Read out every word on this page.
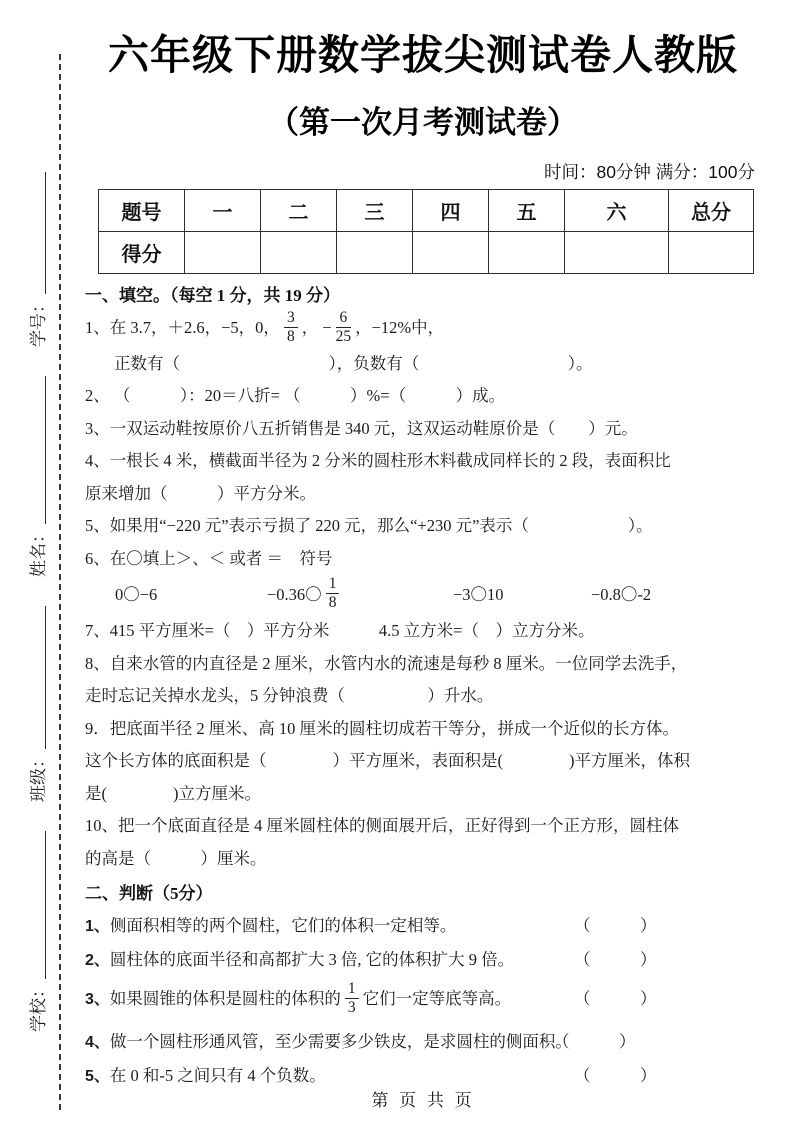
学校：
班级：
姓名：
学号：
六年级下册数学拔尖测试卷人教版
（第一次月考测试卷）
时间：80分钟 满分：100分
题号	一	二	三	四	五	六	总分
得分							
一、填空。（每空 1 分，共 19 分）
1、在 3.7，＋2.6，−5，0， $\frac{3}{8}$ ， − $\frac{6}{25}$ ，−12%中，
正数有（　　　　　　　　　），负数有（　　　　　　　　　）。
2、 （　　　）：20＝八折= （　　　）%=（　　　）成。
3、一双运动鞋按原价八五折销售是 340 元，这双运动鞋原价是（　　）元。
4、一根长 4 米，横截面半径为 2 分米的圆柱形木料截成同样长的 2 段，表面积比
原来增加（　　　）平方分米。
5、如果用“−220 元”表示亏损了 220 元，那么“+230 元”表示（　　　　　　）。
6、在〇填上＞、＜ 或者 ＝　符号
0〇−6	−0.36〇 $\frac{1}{8}$	−3〇10	−0.8〇-2
7、415 平方厘米=（　）平方分米　　　4.5 立方米=（　）立方分米。
8、自来水管的内直径是 2 厘米，水管内水的流速是每秒 8 厘米。一位同学去洗手，
走时忘记关掉水龙头，5 分钟浪费（　　　　　）升水。
9．把底面半径 2 厘米、高 10 厘米的圆柱切成若干等分，拼成一个近似的长方体。
这个长方体的底面积是（　　　　）平方厘米，表面积是(　　　　)平方厘米，体积
是(　　　　)立方厘米。
10、把一个底面直径是 4 厘米圆柱体的侧面展开后，正好得到一个正方形，圆柱体
的高是（　　　）厘米。
二、判断（5分）
1、侧面积相等的两个圆柱，它们的体积一定相等。	（　　　）
2、圆柱体的底面半径和高都扩大 3 倍, 它的体积扩大 9 倍。	（　　　）
3、如果圆锥的体积是圆柱的体积的 $\frac{1}{3}$ 它们一定等底等高。	（　　　）
4、做一个圆柱形通风管，至少需要多少铁皮，是求圆柱的侧面积。
（　　　）
5、在 0 和-5 之间只有 4 个负数。	（　　　）
第 页 共 页
